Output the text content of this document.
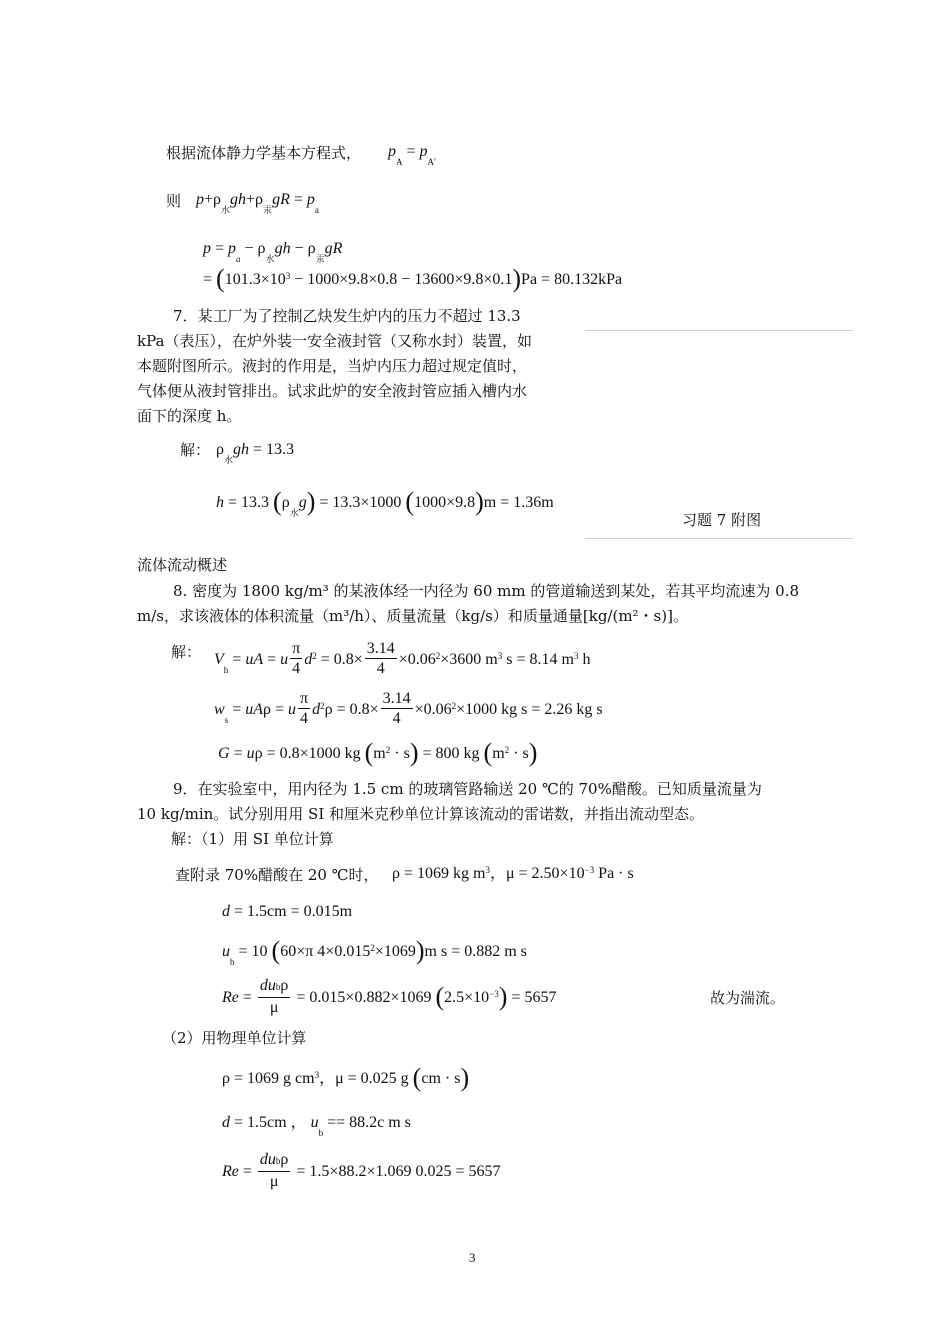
根据流体静力学基本方程式， $p_A = p_{A'}$
则 $p+\rho_水gh+\rho_汞gR = p_a$
$p = p_a - \rho_水gh - \rho_汞gR$
= $(101.3\times 10^3 - 1000\times 9.8\times 0.8 - 13600\times 9.8\times 0.1)Pa = 80.132kPa$
7．某工厂为了控制乙炔发生炉内的压力不超过 13.3
kPa（表压），在炉外装一安全液封管（又称水封）装置，如
本题附图所示。液封的作用是，当炉内压力超过规定值时，
气体便从液封管排出。试求此炉的安全液封管应插入槽内水
面下的深度 h。
习题 7 附图
解： $\rho_水gh = 13.3$
h = 13.3 $(\rho_水g) = 13.3\times 1000$ (1000×9.8)m = 1.36m
流体流动概述
8. 密度为 1800 kg/m³ 的某液体经一内径为 60 mm 的管道输送到某处，若其平均流速为 0.8
m/s，求该液体的体积流量（m³/h）、质量流量（kg/s）和质量通量[kg/(m²・s)]。
解： $V_h$ = uA = u $\frac{\pi}{4} d^2 = 0.8\times \frac{3.14}{4} \times 0.06^2\times 3600$ $m^3$ s = 8.14 $m^3$ h
$w_s = uA\rho = u \frac{\pi}{4} d^2\rho = 0.8\times \frac{3.14}{4} \times 0.06^2\times 1000$ kg s = 2.26 kg s
G = uρ = 0.8×1000 kg $(m^2 \cdot s) = 800$ kg $(m^2 \cdot s)$
9．在实验室中，用内径为 1.5 cm 的玻璃管路输送 20 ℃的 70%醋酸。已知质量流量为
10 kg/min。试分别用用 SI 和厘米克秒单位计算该流动的雷诺数，并指出流动型态。
解：（1）用 SI 单位计算
查附录 70%醋酸在 20 ℃时， ρ = 1069 kg $m^3$，$\mu = 2.50\times 10^{-3}$ Pa · s
d = 1.5cm = 0.015m
$u_b = 10$ (60×π $4\times 0.015^2\times 1069)m$ s = 0.882 m s
$Re = \frac{\text{dubρ}}{\mu} = 0.015\times 0.882\times 1069$ $(2.5\times 10^{-3}) = 5657$	故为湍流。
（2）用物理单位计算
ρ = 1069 g $cm^3$，μ = 0.025 g (cm · s)
d = 1.5cm ， $u_b == 88.2c$ m s
$Re = \frac{\text{dubρ}}{\mu} = 1.5\times 88.2\times 1.069$ 0.025 = 5657
3
